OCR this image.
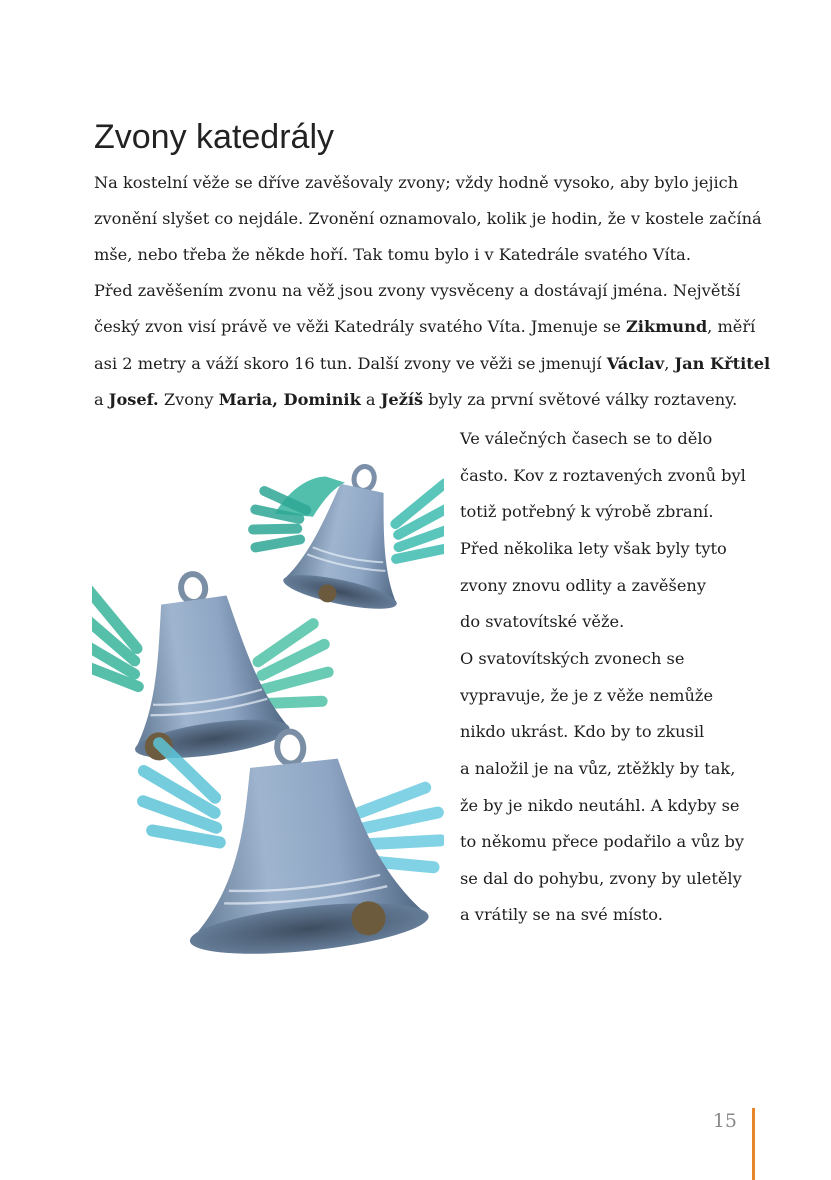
Zvony katedrály
Na kostelní věže se dříve zavěšovaly zvony; vždy hodně vysoko, aby bylo jejich
zvonění slyšet co nejdále. Zvonění oznamovalo, kolik je hodin, že v kostele začíná
mše, nebo třeba že někde hoří. Tak tomu bylo i v Katedrále svatého Víta.
Před zavěšením zvonu na věž jsou zvony vysvěceny a dostávají jména. Největší
český zvon visí právě ve věži Katedrály svatého Víta. Jmenuje se Zikmund, měří
asi 2 metry a váží skoro 16 tun. Další zvony ve věži se jmenují Václav, Jan Křtitel
a Josef. Zvony Maria, Dominik a Ježíš byly za první světové války roztaveny.
Ve válečných časech se to dělo
často. Kov z roztavených zvonů byl
totiž potřebný k výrobě zbraní.
Před několika lety však byly tyto
zvony znovu odlity a zavěšeny
do svatovítské věže.
O svatovítských zvonech se
vypravuje, že je z věže nemůže
nikdo ukrást. Kdo by to zkusil
a naložil je na vůz, ztěžkly by tak,
že by je nikdo neutáhl. A kdyby se
to někomu přece podařilo a vůz by
se dal do pohybu, zvony by uletěly
a vrátily se na své místo.
15
